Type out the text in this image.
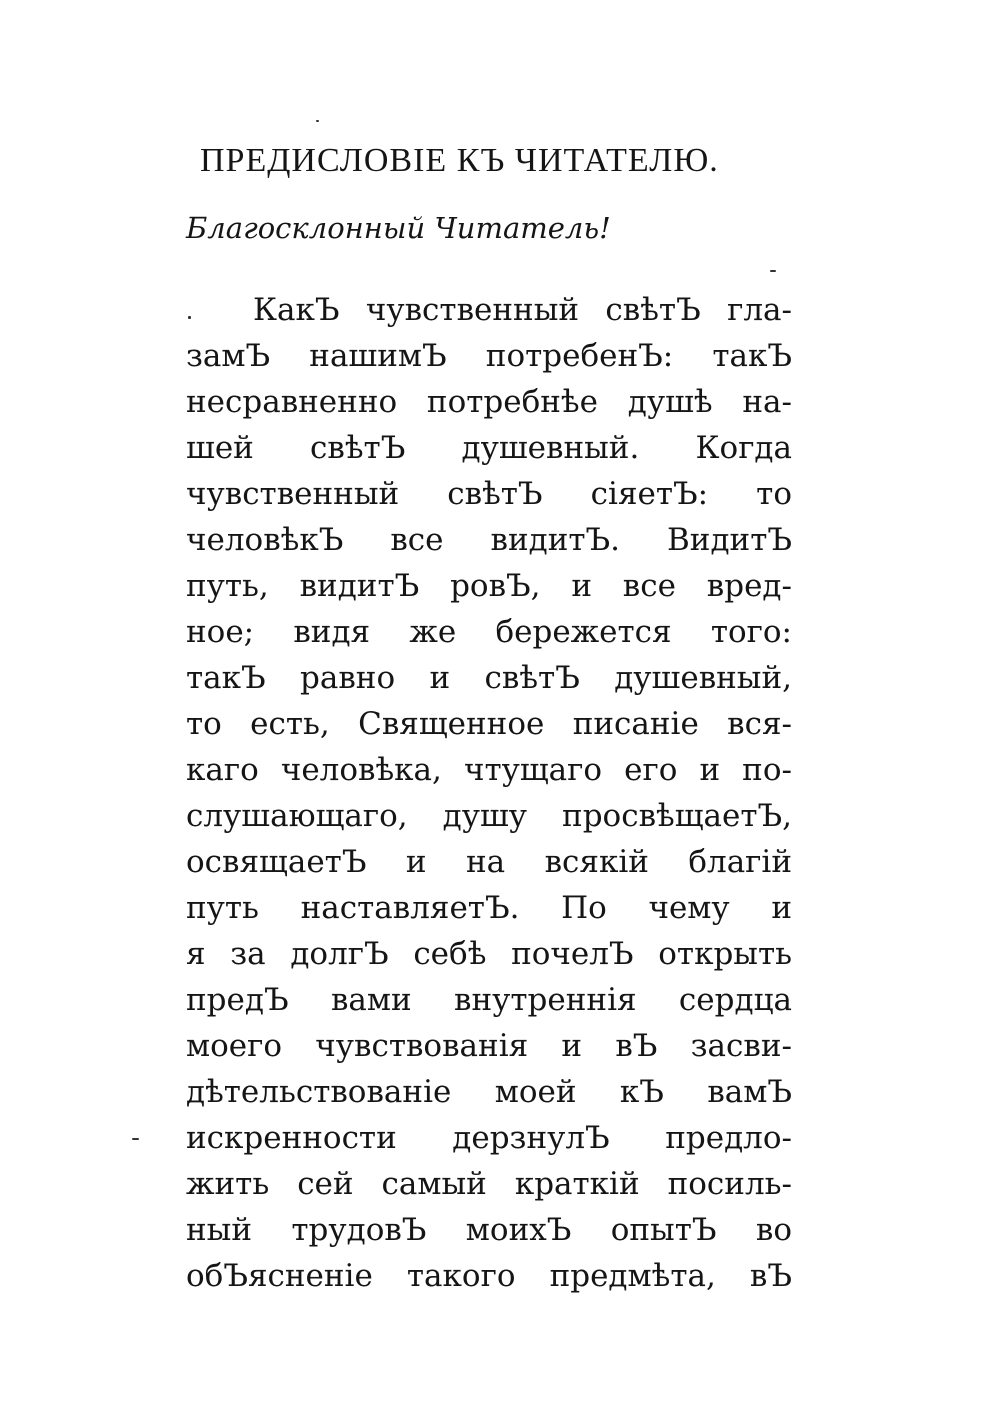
ПРЕДИСЛОВІЕ КЪ ЧИТАТЕЛЮ.
Благосклонный Читатель!
КакЪ чувственный свѣтЪ гла-
замЪ нашимЪ потребенЪ: такЪ
несравненно потребнѣе душѣ на-
шей свѣтЪ душевный. Когда
чувственный свѣтЪ сіяетЪ: то
человѣкЪ все видитЪ. ВидитЪ
путь, видитЪ ровЪ, и все вред-
ное; видя же бережется того:
такЪ равно и свѣтЪ душевный,
то есть, Священное писаніе вся-
каго человѣка, чтущаго его и по-
слушающаго, душу просвѣщаетЪ,
освящаетЪ и на всякій благій
путь наставляетЪ. По чему и
я за долгЪ себѣ почелЪ открыть
предЪ вами внутреннія сердца
моего чувствованія и вЪ засви-
дѣтельствованіе моей кЪ вамЪ
искренности дерзнулЪ предло-
жить сей самый краткій посиль-
ный трудовЪ моихЪ опытЪ во
обЪясненіе такого предмѣта, вЪ
